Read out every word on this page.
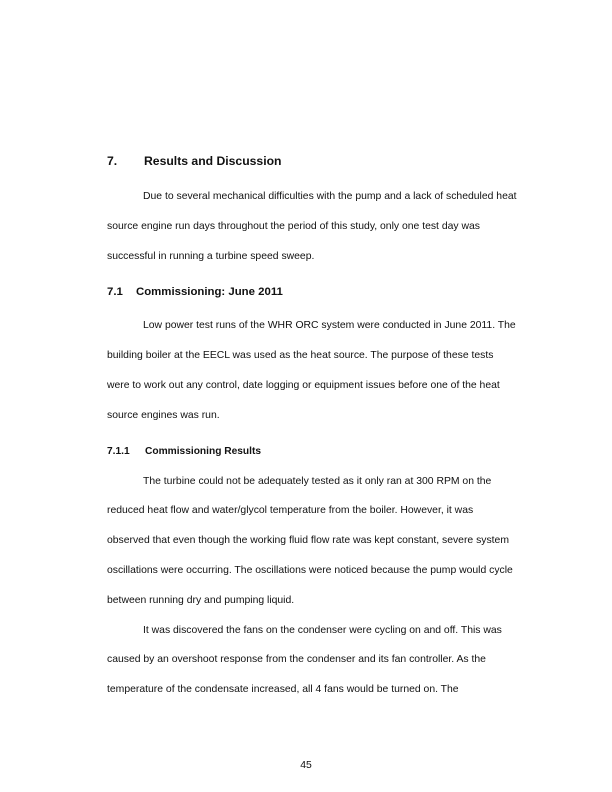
7.	Results and Discussion

Due to several mechanical difficulties with the pump and a lack of scheduled heat source engine run days throughout the period of this study, only one test day was successful in running a turbine speed sweep.

7.1	Commissioning: June 2011

Low power test runs of the WHR ORC system were conducted in June 2011. The building boiler at the EECL was used as the heat source. The purpose of these tests were to work out any control, date logging or equipment issues before one of the heat source engines was run.

7.1.1	Commissioning Results

The turbine could not be adequately tested as it only ran at 300 RPM on the reduced heat flow and water/glycol temperature from the boiler. However, it was observed that even though the working fluid flow rate was kept constant, severe system oscillations were occurring. The oscillations were noticed because the pump would cycle between running dry and pumping liquid.

It was discovered the fans on the condenser were cycling on and off. This was caused by an overshoot response from the condenser and its fan controller. As the temperature of the condensate increased, all 4 fans would be turned on. The

45
